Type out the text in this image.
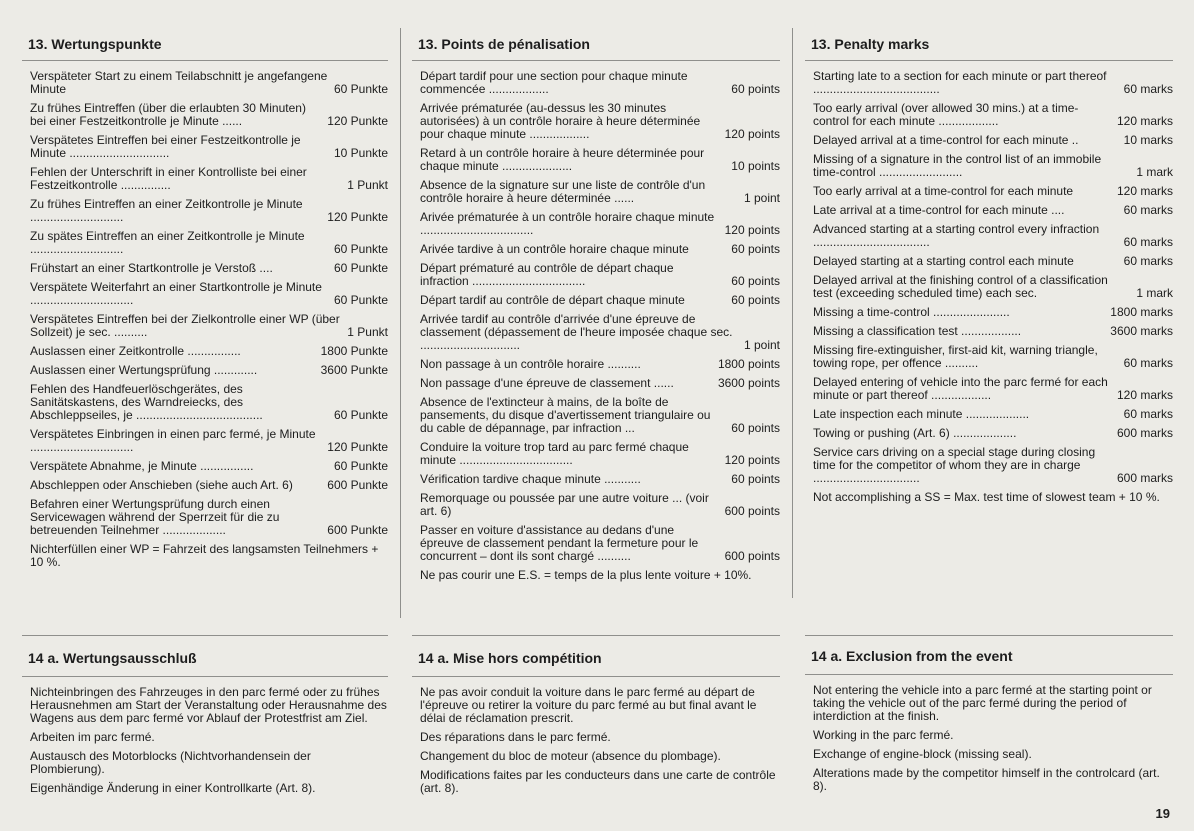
13. Wertungspunkte
Verspäteter Start zu einem Teilabschnitt je angefangene Minute	60 Punkte
Zu frühes Eintreffen (über die erlaubten 30 Minuten) bei einer Festzeitkontrolle je Minute ......	120 Punkte
Verspätetes Eintreffen bei einer Festzeitkontrolle je Minute ..............................	10 Punkte
Fehlen der Unterschrift in einer Kontrolliste bei einer Festzeitkontrolle ...............	1 Punkt
Zu frühes Eintreffen an einer Zeitkontrolle je Minute ............................	120 Punkte
Zu spätes Eintreffen an einer Zeitkontrolle je Minute ............................	60 Punkte
Frühstart an einer Startkontrolle je Verstoß ....	60 Punkte
Verspätete Weiterfahrt an einer Startkontrolle je Minute ...............................	60 Punkte
Verspätetes Eintreffen bei der Zielkontrolle einer WP (über Sollzeit) je sec. ..........	1 Punkt
Auslassen einer Zeitkontrolle ................	1800 Punkte
Auslassen einer Wertungsprüfung .............	3600 Punkte
Fehlen des Handfeuerlöschgerätes, des Sanitätskastens, des Warndreiecks, des Abschleppseiles, je ......................................	60 Punkte
Verspätetes Einbringen in einen parc fermé, je Minute ...............................	120 Punkte
Verspätete Abnahme, je Minute ................	60 Punkte
Abschleppen oder Anschieben (siehe auch Art. 6)	600 Punkte
Befahren einer Wertungsprüfung durch einen Servicewagen während der Sperrzeit für die zu betreuenden Teilnehmer ...................	600 Punkte
Nichterfüllen einer WP = Fahrzeit des langsamsten Teilnehmers + 10 %.
14 a. Wertungsausschluß

Nichteinbringen des Fahrzeuges in den parc fermé oder zu frühes Herausnehmen am Start der Veranstaltung oder Herausnahme des Wagens aus dem parc fermé vor Ablauf der Protestfrist am Ziel.

Arbeiten im parc fermé.

Austausch des Motorblocks (Nichtvorhandensein der Plombierung).

Eigenhändige Änderung in einer Kontrollkarte (Art. 8).

13. Points de pénalisation
Départ tardif pour une section pour chaque minute commencée ..................	60 points
Arrivée prématurée (au-dessus les 30 minutes autorisées) à un contrôle horaire à heure déterminée pour chaque minute ..................	120 points
Retard à un contrôle horaire à heure déterminée pour chaque minute .....................	10 points
Absence de la signature sur une liste de contrôle d'un contrôle horaire à heure déterminée ......	1 point
Arivée prématurée à un contrôle horaire chaque minute ..................................	120 points
Arivée tardive à un contrôle horaire chaque minute	60 points
Départ prématuré au contrôle de départ chaque infraction ..................................	60 points
Départ tardif au contrôle de départ chaque minute	60 points
Arrivée tardif au contrôle d'arrivée d'une épreuve de classement (dépassement de l'heure imposée chaque sec. ..............................	1 point
Non passage à un contrôle horaire ..........	1800 points
Non passage d'une épreuve de classement ......	3600 points
Absence de l'extincteur à mains, de la boîte de pansements, du disque d'avertissement triangulaire ou du cable de dépannage, par infraction ...	60 points
Conduire la voiture trop tard au parc fermé chaque minute ..................................	120 points
Vérification tardive chaque minute ...........	60 points
Remorquage ou poussée par une autre voiture ... (voir art. 6)	600 points
Passer en voiture d'assistance au dedans d'une épreuve de classement pendant la fermeture pour le concurrent – dont ils sont chargé ..........	600 points
Ne pas courir une E.S. = temps de la plus lente voiture + 10%.
14 a. Mise hors compétition

Ne pas avoir conduit la voiture dans le parc fermé au départ de l'épreuve ou retirer la voiture du parc fermé au but final avant le délai de réclamation prescrit.

Des réparations dans le parc fermé.

Changement du bloc de moteur (absence du plombage).

Modifications faites par les conducteurs dans une carte de contrôle (art. 8).

13. Penalty marks
Starting late to a section for each minute or part thereof ......................................	60 marks
Too early arrival (over allowed 30 mins.) at a time-control for each minute ..................	120 marks
Delayed arrival at a time-control for each minute ..	10 marks
Missing of a signature in the control list of an immobile time-control .........................	1 mark
Too early arrival at a time-control for each minute	120 marks
Late arrival at a time-control for each minute ....	60 marks
Advanced starting at a starting control every infraction ...................................	60 marks
Delayed starting at a starting control each minute	60 marks
Delayed arrival at the finishing control of a classification test (exceeding scheduled time) each sec.	1 mark
Missing a time-control .......................	1800 marks
Missing a classification test ..................	3600 marks
Missing fire-extinguisher, first-aid kit, warning triangle, towing rope, per offence ..........	60 marks
Delayed entering of vehicle into the parc fermé for each minute or part thereof ..................	120 marks
Late inspection each minute ...................	60 marks
Towing or pushing (Art. 6) ...................	600 marks
Service cars driving on a special stage during closing time for the competitor of whom they are in charge ................................	600 marks
Not accomplishing a SS = Max. test time of slowest team + 10 %.
14 a. Exclusion from the event

Not entering the vehicle into a parc fermé at the starting point or taking the vehicle out of the parc fermé during the period of interdiction at the finish.

Working in the parc fermé.

Exchange of engine-block (missing seal).

Alterations made by the competitor himself in the controlcard (art. 8).

19
